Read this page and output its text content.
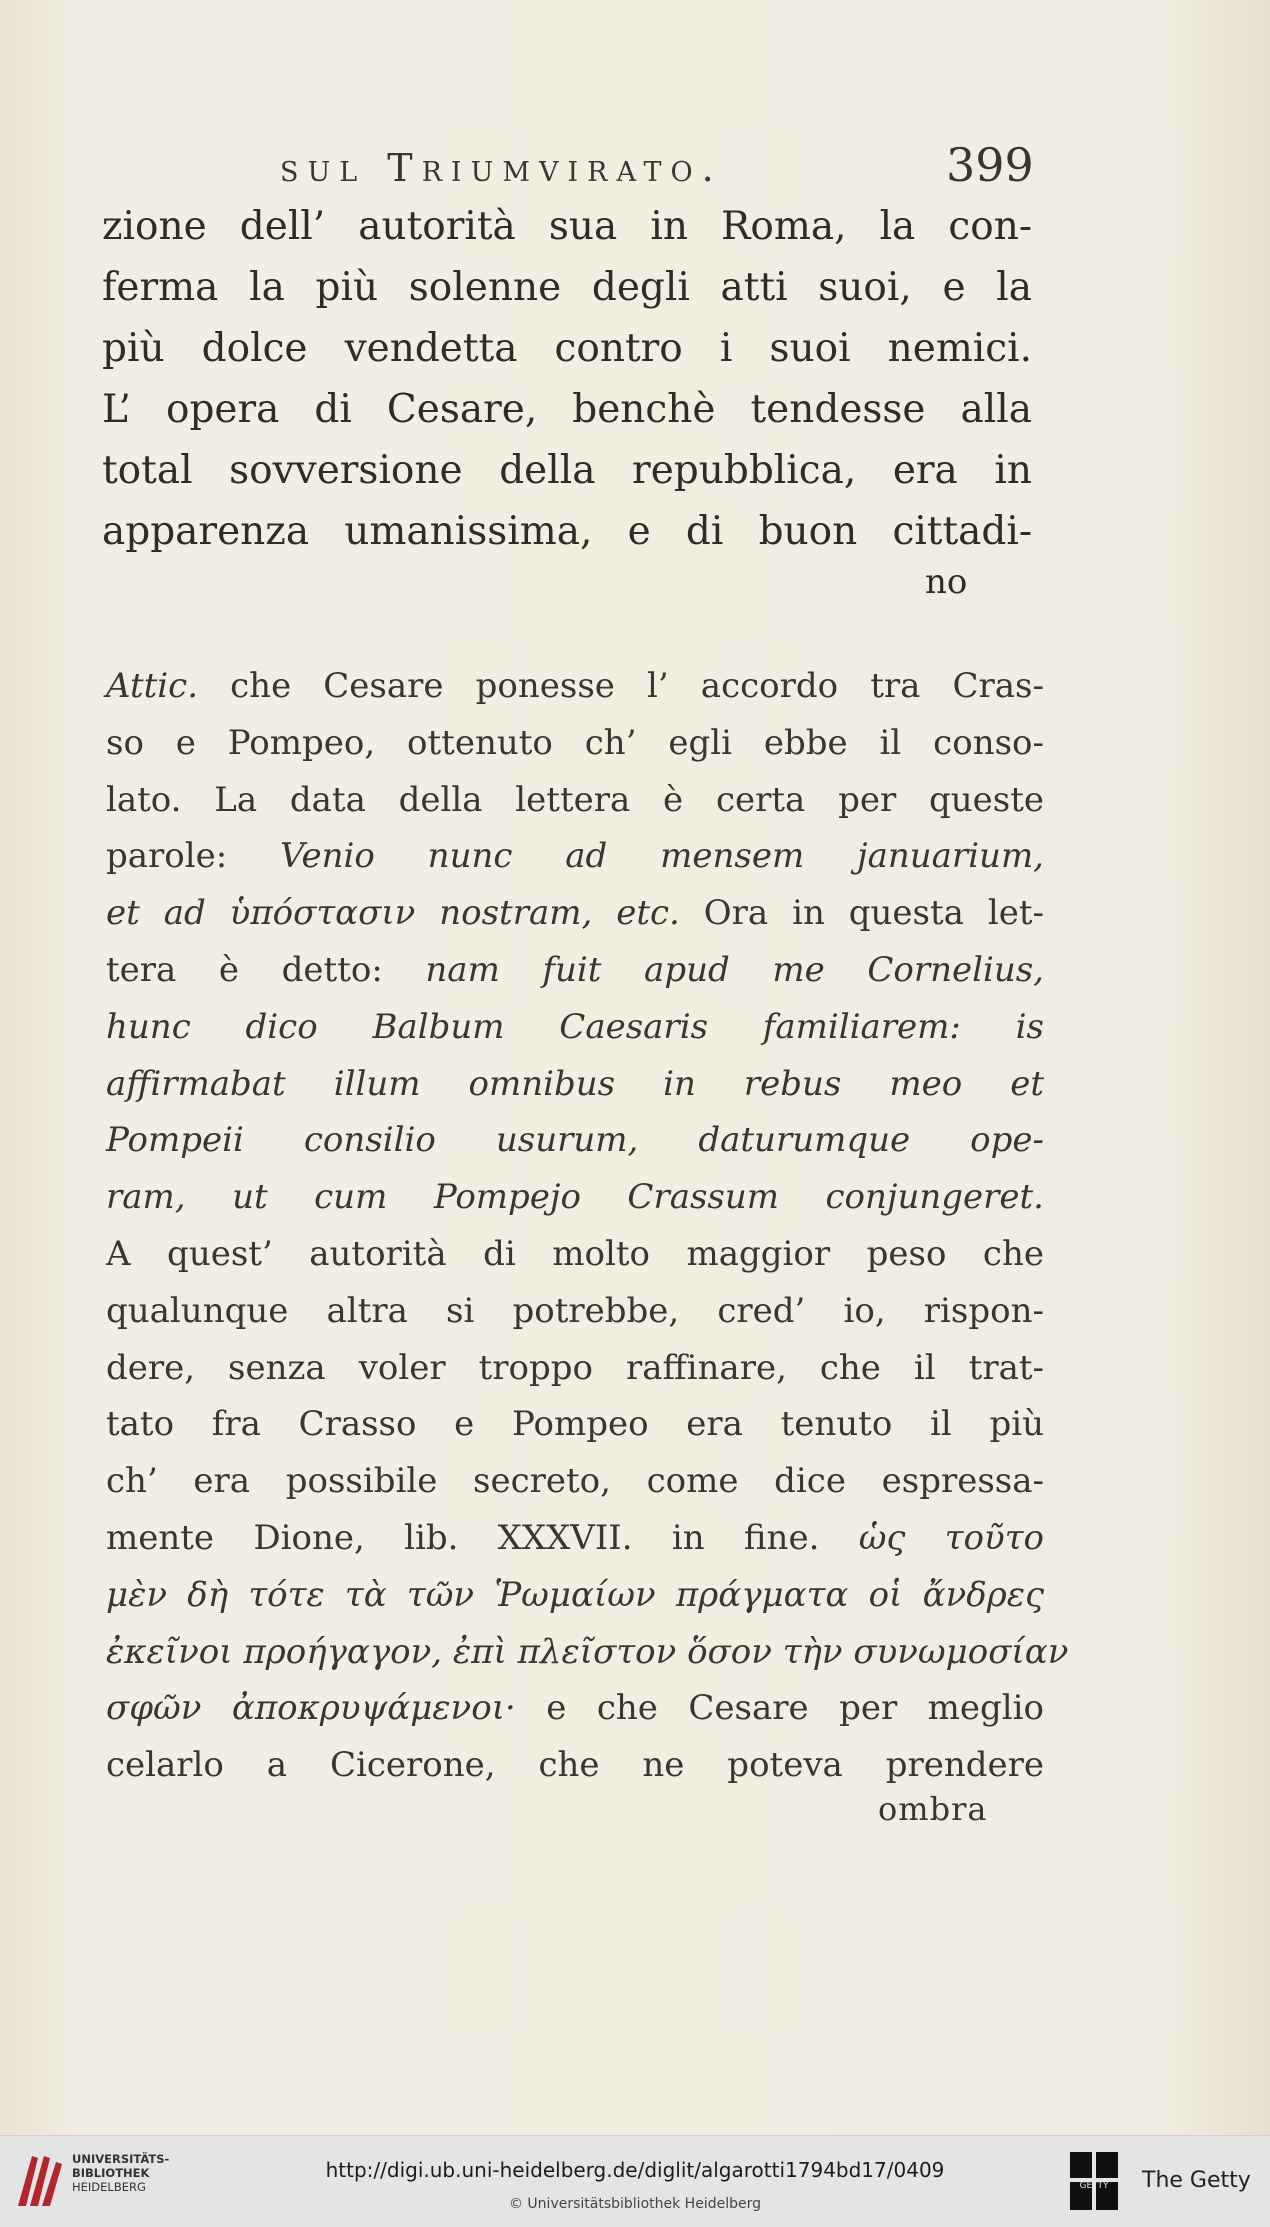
sul Triumvirato.	399
zione dell’ autorità sua in Roma, la con-
ferma la più solenne degli atti suoi, e la
più dolce vendetta contro i suoi nemici.
L’ opera di Cesare, benchè tendesse alla
total sovversione della repubblica, era in
apparenza umanissima, e di buon cittadi-
no
Attic. che Cesare ponesse l’ accordo tra Cras-
so e Pompeo, ottenuto ch’ egli ebbe il conso-
lato. La data della lettera è certa per queste
parole: Venio nunc ad mensem januarium,
et ad ὑπόστασιν nostram, etc. Ora in questa let-
tera è detto: nam fuit apud me Cornelius,
hunc dico Balbum Caesaris familiarem: is
affirmabat illum omnibus in rebus meo et
Pompeii consilio usurum, daturumque ope-
ram, ut cum Pompejo Crassum conjungeret.
A quest’ autorità di molto maggior peso che
qualunque altra si potrebbe, cred’ io, rispon-
dere, senza voler troppo raffinare, che il trat-
tato fra Crasso e Pompeo era tenuto il più
ch’ era possibile secreto, come dice espressa-
mente Dione, lib. XXXVII. in fine. ὡς τοῦτο
μὲν δὴ τότε τὰ τῶν Ῥωμαίων πράγματα οἱ ἄνδρες
ἐκεῖνοι προήγαγον, ἐπὶ πλεῖστον ὅσον τὴν συνωμοσίαν
σφῶν ἀποκρυψάμενοι· e che Cesare per meglio
celarlo a Cicerone, che ne poteva prendere
ombra
UNIVERSITÄTS-
BIBLIOTHEK
HEIDELBERG
http://digi.ub.uni-heidelberg.de/diglit/algarotti1794bd17/0409
© Universitätsbibliothek Heidelberg
GETTY The Getty
